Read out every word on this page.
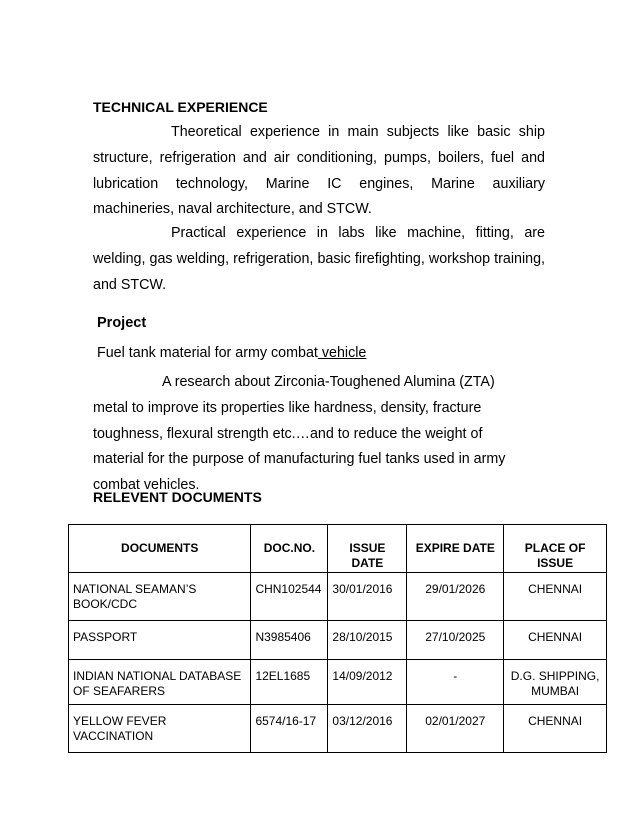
TECHNICAL EXPERIENCE
Theoretical experience in main subjects like basic ship structure, refrigeration and air conditioning, pumps, boilers, fuel and lubrication technology, Marine IC engines, Marine auxiliary machineries, naval architecture, and STCW.
Practical experience in labs like machine, fitting, are welding, gas welding, refrigeration, basic firefighting, workshop training, and STCW.
Project
Fuel tank material for army combat vehicle
A research about Zirconia-Toughened Alumina (ZTA) metal to improve its properties like hardness, density, fracture toughness, flexural strength etc.…and to reduce the weight of material for the purpose of manufacturing fuel tanks used in army combat vehicles.
RELEVENT DOCUMENTS
DOCUMENTS	DOC.NO.	ISSUE DATE	EXPIRE DATE	PLACE OF ISSUE
NATIONAL SEAMAN’S BOOK/CDC	CHN102544	30/01/2016	29/01/2026	CHENNAI
PASSPORT	N3985406	28/10/2015	27/10/2025	CHENNAI
INDIAN NATIONAL DATABASE OF SEAFARERS	12EL1685	14/09/2012	-	D.G. SHIPPING, MUMBAI
YELLOW FEVER VACCINATION	6574/16-17	03/12/2016	02/01/2027	CHENNAI
